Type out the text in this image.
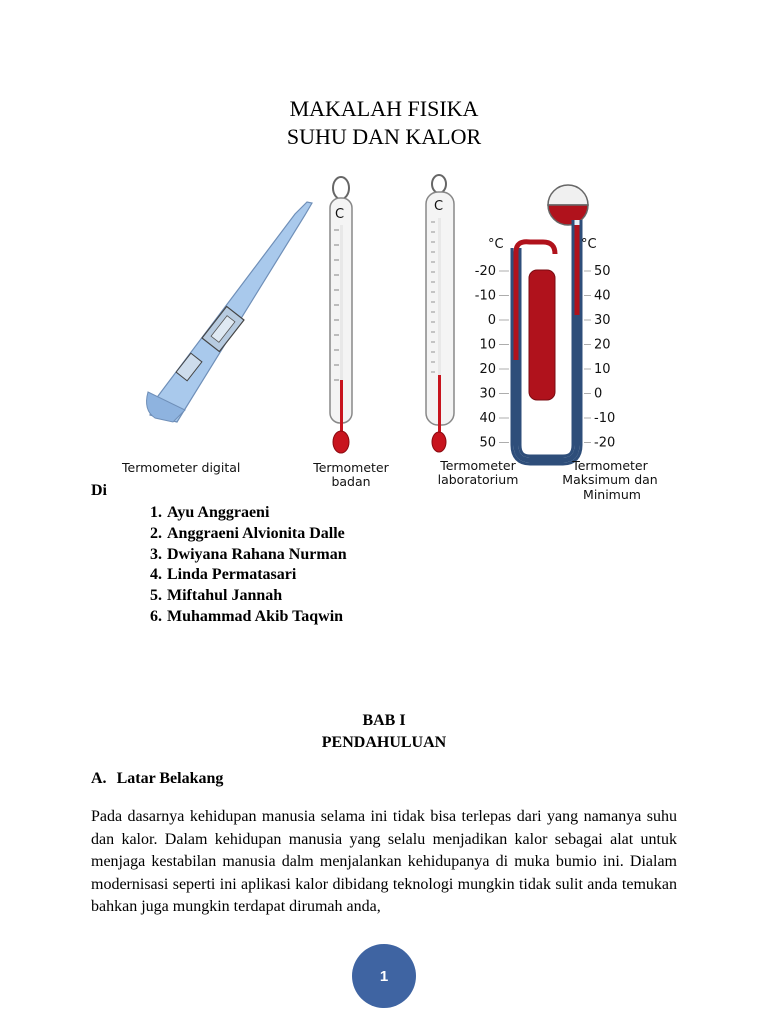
MAKALAH FISIKA
SUHU DAN KALOR
C
C
°C	°C
-20
-10
0
10
20
30
40
50
50
40
30
20
10
0
-10
-20
Termometer digital	Termometer
badan
Termometer
laboratorium
Termometer
Maksimum dan
Minimum
Di
1. Ayu Anggraeni
2. Anggraeni Alvionita Dalle
3. Dwiyana Rahana Nurman
4. Linda Permatasari
5. Miftahul Jannah
6. Muhammad Akib Taqwin
BAB I
PENDAHULUAN
A. Latar Belakang

Pada dasarnya kehidupan manusia selama ini tidak bisa terlepas dari yang namanya suhu dan kalor. Dalam kehidupan manusia yang selalu menjadikan kalor sebagai alat untuk menjaga kestabilan manusia dalm menjalankan kehidupanya di muka bumio ini. Dialam modernisasi seperti ini aplikasi kalor dibidang teknologi mungkin tidak sulit anda temukan bahkan juga mungkin terdapat dirumah anda,

1
